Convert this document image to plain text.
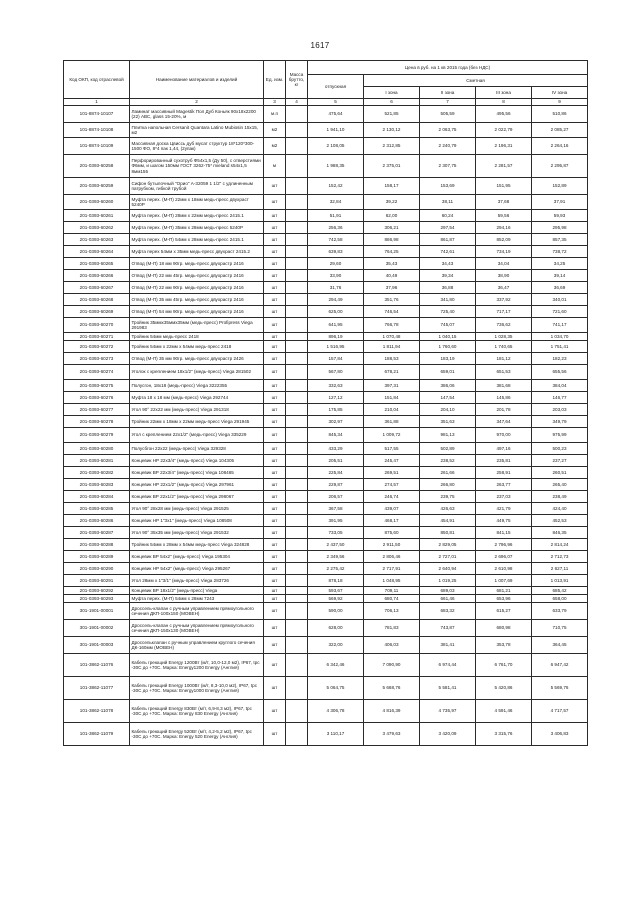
1617
Код ОКП, код отраслевой	Наименование материалов и изделий	Ед. изм.	Масса брутто, кг	Цена в руб. на 1 кв 2015 года (без НДС)				
				отпускная	Сметная			
					I зона	II зона	III зона	IV зона
1	2	3	4	5	6	7	8	9
101-8874-10107	Ламинат массивный Magestik Пол Дуб Коньяк 90x18x2200 (22) АВС, glass 15-20%, м	м.п		475,64	521,85	505,59	495,56	510,86
101-8874-10108	Плитка напольная Cersanit Quantara Latino Mubiosin 15x15, м2	м2		1 941,10	2 130,12	2 063,75	2 022,79	2 085,27
101-8874-10109	Массивная доска Цвиссь дуб мусат структур 18*120*300-1500 ФО, 8*4 пак 1,44, (2упак)	м2		2 108,05	2 312,85	2 240,79	2 196,31	2 264,16
201-0393-60258	Перфорированный сухотруб Ф54x1,5 (Ду 50), с отверстиями Ф6мм, и шагом 150мм ГОСТ 3262-75* mieland s54x1,5 8мм155	м		1 988,35	2 375,01	2 307,75	2 281,57	2 295,87
201-0393-60259	Сифон бутылочный "Орио" А-32059 1 1/2" с удлиненным патрубком, гибкой трубой	шт		152,42	158,17	153,69	151,95	152,89
201-0393-60260	Муфта перех. (М-П) 22мм x 18мм медь-пресс двухраст 5240P	шт		32,84	39,22	38,11	37,68	37,91
201-0393-60261	Муфта перех. (М-П) 28мм x 22мм медь-пресс 2415.1	шт		51,91	62,00	60,24	59,56	59,93
201-0393-60262	Муфта перех. (М-П) 35мм x 28мм медь-пресс 5240P	шт		256,36	306,21	297,54	294,16	295,98
201-0393-60263	Муфта перех. (М-П) 54мм x 28мм медь-пресс 2415.1	шт		742,58	886,98	861,87	852,09	857,35
201-0393-60264	Муфта перех 54мм x 35мм медь-пресс двухраст 2415.2	шт		639,83	764,25	742,61	734,19	738,72
201-0393-60265	Отвод (М-П) 18 мм 90гр. медь-пресс двухрастр 2416	шт		29,60	35,43	34,43	34,04	34,25
201-0393-60266	Отвод (М-П) 22 мм 45гр. медь-пресс двухрастр 2416	шт		33,90	40,49	39,34	38,90	39,14
201-0393-60267	Отвод (М-П) 22 мм 90гр. медь-пресс двухрастр 2416	шт		31,76	37,96	36,88	36,47	36,69
201-0393-60268	Отвод (М-П) 35 мм 45гр. медь-пресс двухрастр 2416	шт		294,49	351,76	341,80	337,92	340,01
201-0393-60269	Отвод (М-П) 54 мм 90гр. медь-пресс двухрастр 2416	шт		625,00	746,54	725,40	717,17	721,60
201-0393-60270	Тройник 35ммx35ммx35мм (медь-пресс) Profipress Viega 291983	шт		641,95	766,78	745,07	736,62	741,17
201-0393-60271	Тройник 54мм медь-пресс 2418	шт		896,19	1 070,48	1 040,15	1 028,35	1 034,70
201-0393-60272	Тройник 54мм x 22мм x 54мм медь-пресс 2418	шт		1 516,95	1 811,94	1 760,60	1 740,65	1 751,41
201-0393-60273	Отвод (М-П) 35 мм 90гр. медь-пресс двухрастр 2426	шт		157,84	188,53	183,19	181,12	182,23
201-0393-60274	Уголок с креплением 18x1/2" (медь-пресс) Viega 281502	шт		567,80	678,21	659,01	651,53	655,56
201-0393-60275	Полусгон, 18x18 (медь-пресс) Viega 3222355	шт		332,63	397,31	386,06	381,68	384,04
201-0393-60276	Муфта 18 x 18 мм (медь-пресс) Viega 292744	шт		127,12	151,84	147,54	145,86	146,77
201-0393-60277	Угол 90° 22x22 мм (медь-пресс) Viega 291318	шт		175,85	210,04	204,10	201,78	203,03
201-0393-60278	Тройник 22мм x 18мм x 22мм медь-пресс Viega 291945	шт		302,97	361,88	351,63	347,64	349,79
201-0393-60279	Угол с креплением 22x1/2" (медь-пресс) Viega 335229	шт		845,34	1 009,72	981,13	970,00	975,99
201-0393-60280	Полусбгон 22x22 (медь-пресс) Viega 329328	шт		433,29	517,55	502,89	497,16	500,23
201-0393-60281	Концевик НР 22x3/4" (медь-пресс) Viega 104305	шт		205,51	245,47	238,52	235,81	237,27
201-0393-60282	Концевик ВР 22x3/4" (медь-пресс) Viega 108465	шт		225,84	269,51	261,66	258,91	260,51
201-0393-60283	Концевик НР 22x1/2" (медь-пресс) Viega 297961	шт		229,87	274,57	266,80	263,77	265,40
201-0393-60284	Концевик ВР 22x1/2" (медь-пресс) Viega 298067	шт		206,57	246,74	239,75	237,03	238,49
201-0393-60285	Угол 90° 28x28 мм (медь-пресс) Viega 291525	шт		367,58	439,07	426,63	421,79	424,40
201-0393-60286	Концевик НР 1"3x1" (медь-пресс) Viega 108508	шт		391,95	468,17	454,91	449,75	452,53
201-0393-60287	Угол 90° 35x35 мм (медь-пресс) Viega 291532	шт		733,05	875,60	850,81	841,15	846,35
201-0393-60288	Тройник 54мм x 28мм x 54мм медь-пресс Viega 324828	шт		2 437,50	2 911,50	2 829,05	2 796,96	2 814,24
201-0393-60289	Концевик ВР 54x2" (медь-пресс) Viega 195304	шт		2 349,56	2 806,46	2 727,01	2 696,07	2 712,73
201-0393-60290	Концевик НР 54x2" (медь-пресс) Viega 295267	шт		2 275,42	2 717,91	2 640,94	2 610,98	2 627,11
201-0393-60291	Угол 28мм x 1"3/1" (медь-пресс) Viega 283726	шт		878,18	1 048,95	1 019,25	1 007,69	1 013,91
201-0393-60292	Концевик ВР 18x1/2" (медь-пресс) Viega	шт		593,67	709,11	689,03	681,21	685,42
201-0393-60293	Муфта перех. (М-П) 54мм x 28мм 7243	шт		569,92	680,74	661,46	653,96	658,00
301-1901-00001	Дроссель-клапан с ручным управлением прямоугольного сечения ДКП-100x150 (МОВЕН)	шт		590,00	706,13	683,32	615,27	633,79
301-1901-00002	Дроссель-клапан с ручным управлением прямоугольного сечения ДКП-150x130 (МОВЕН)	шт		628,00	781,83	743,87	680,98	710,75
301-1901-00003	Дроссельклапан с ручным управлением круглого сечения ДК-160мм (МОВЕН)	шт		322,00	406,03	381,41	353,78	364,45
101-3862-11076	Кабель греющий Energy 1200Вт (м/т, 10,0-12,0 м2), IP67, tрс -30С до +70С. Марка: Energy1200 Energy (Англия)	шт		6 342,46	7 090,90	6 974,44	6 761,70	6 947,42
101-3862-11077	Кабель греющий Energy 1000Вт (м/т, 8,3-10,0 м2), IP67, tрс -30С до +70С. Марка: Energy1000 Energy (Англия)	шт		5 064,75	5 668,76	5 581,41	5 420,86	5 569,76
101-3862-11078	Кабель греющий Energy 830Вт (м/т, 6,9-8,3 м2), IP67, tрс -30С до +70С. Марка: Energy 830 Energy (Англия)	шт		4 306,78	4 816,39	4 735,97	4 591,46	4 717,57
101-3862-11079	Кабель греющий Energy 520Вт (м/т, 4,2-5,2 м2), IP67, tрс -30С до +70С. Марка: Energy 520 Energy (Англия)	шт		3 110,17	3 479,63	3 420,09	3 315,76	3 406,83
